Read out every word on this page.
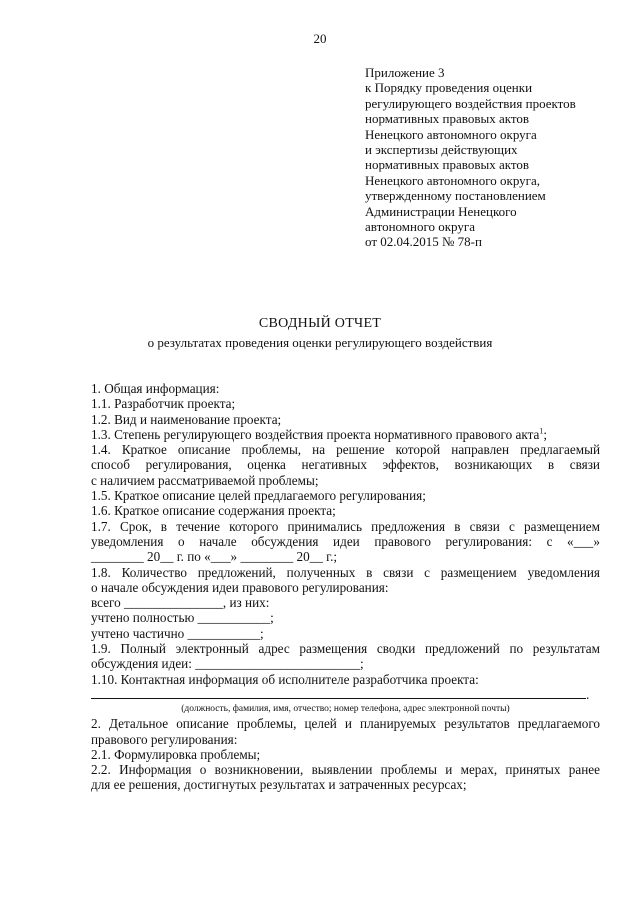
20
Приложение 3
к Порядку проведения оценки
регулирующего воздействия проектов
нормативных правовых актов
Ненецкого автономного округа
и экспертизы действующих
нормативных правовых актов
Ненецкого автономного округа,
утвержденному постановлением
Администрации Ненецкого
автономного округа
от 02.04.2015 № 78-п
СВОДНЫЙ ОТЧЕТ
о результатах проведения оценки регулирующего воздействия
1. Общая информация:
1.1. Разработчик проекта;
1.2. Вид и наименование проекта;
1.3. Степень регулирующего воздействия проекта нормативного правового акта$^1$;
1.4. Краткое описание проблемы, на решение которой направлен предлагаемый
способ регулирования, оценка негативных эффектов, возникающих в связи
с наличием рассматриваемой проблемы;
1.5. Краткое описание целей предлагаемого регулирования;
1.6. Краткое описание содержания проекта;
1.7. Срок, в течение которого принимались предложения в связи с размещением
уведомления о начале обсуждения идеи правового регулирования: с «___»
________ 20__ г. по «___» ________ 20__ г.;
1.8. Количество предложений, полученных в связи с размещением уведомления
о начале обсуждения идеи правового регулирования:
всего _______________, из них:
учтено полностью ___________;
учтено частично ___________;
1.9. Полный электронный адрес размещения сводки предложений по результатам
обсуждения идеи: _________________________;
1.10. Контактная информация об исполнителе разработчика проекта:
.
(должность, фамилия, имя, отчество; номер телефона, адрес электронной почты)
2. Детальное описание проблемы, целей и планируемых результатов предлагаемого
правового регулирования:
2.1. Формулировка проблемы;
2.2. Информация о возникновении, выявлении проблемы и мерах, принятых ранее
для ее решения, достигнутых результатах и затраченных ресурсах;
